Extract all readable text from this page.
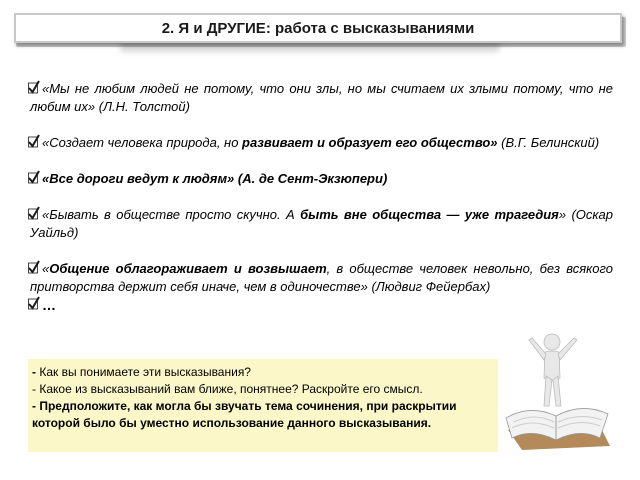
2. Я и ДРУГИЕ: работа с высказываниями
«Мы не любим людей не потому, что они злы, но мы считаем их злыми потому, что не любим их» (Л.Н. Толстой)
«Создает человека природа, но развивает и образует его общество» (В.Г. Белинский)
«Все дороги ведут к людям» (А. де Сент-Экзюпери)
«Бывать в обществе просто скучно. А быть вне общества — уже трагедия» (Оскар Уайльд)
«Общение облагораживает и возвышает, в обществе человек невольно, без всякого притворства держит себя иначе, чем в одиночестве» (Людвиг Фейербах)
…

- Как вы понимаете эти высказывания?

- Какое из высказываний вам ближе, понятнее? Раскройте его смысл.

- Предположите, как могла бы звучать тема сочинения, при раскрытии которой было бы уместно использование данного высказывания.
